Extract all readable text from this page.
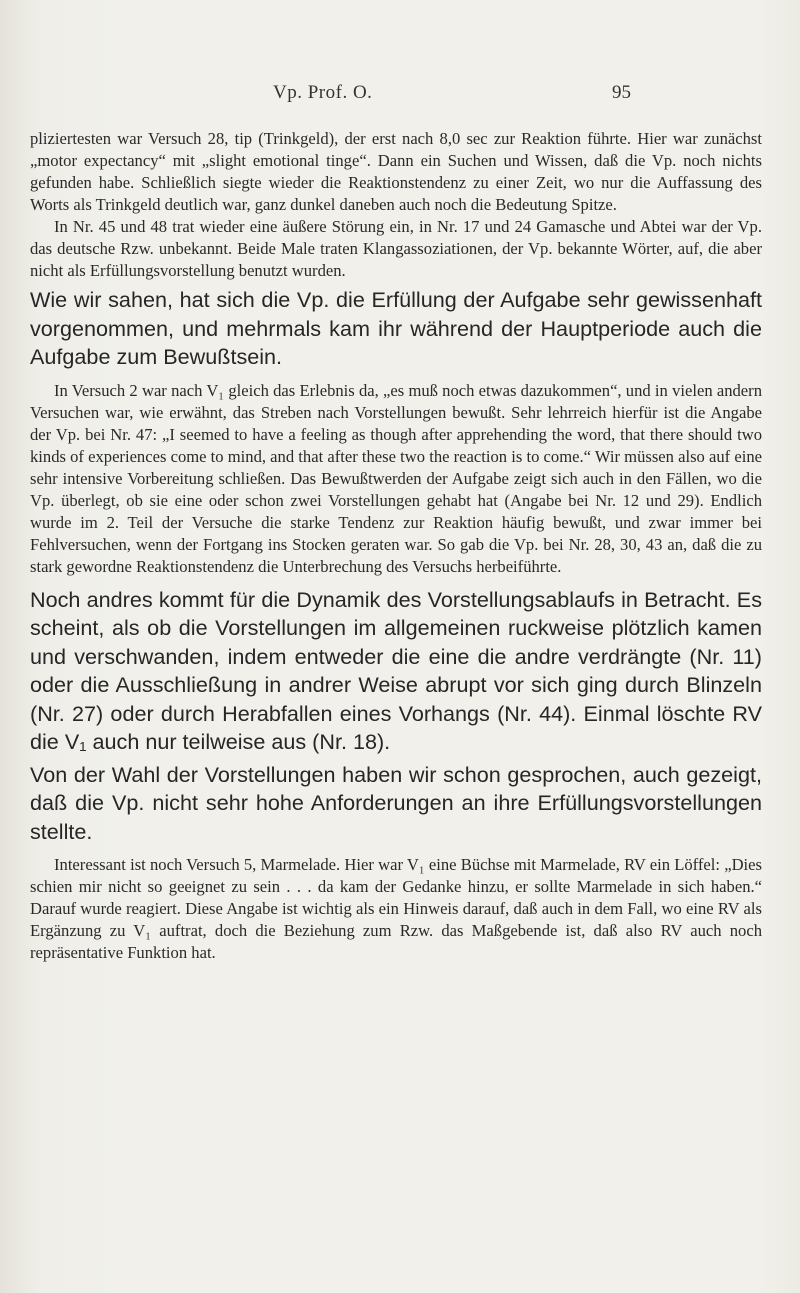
Vp. Prof. O.	95

pliziertesten war Versuch 28, tip (Trinkgeld), der erst nach 8,0 sec zur Reaktion führte. Hier war zunächst „motor expectancy“ mit „slight emotional tinge“. Dann ein Suchen und Wissen, daß die Vp. noch nichts gefunden habe. Schließlich siegte wieder die Reaktionstendenz zu einer Zeit, wo nur die Auffassung des Worts als Trinkgeld deutlich war, ganz dunkel daneben auch noch die Bedeutung Spitze.

In Nr. 45 und 48 trat wieder eine äußere Störung ein, in Nr. 17 und 24 Gamasche und Abtei war der Vp. das deutsche Rzw. unbekannt. Beide Male traten Klangassoziationen, der Vp. bekannte Wörter, auf, die aber nicht als Erfüllungsvorstellung benutzt wurden.

Wie wir sahen, hat sich die Vp. die Erfüllung der Aufgabe sehr gewissenhaft vorgenommen, und mehrmals kam ihr während der Hauptperiode auch die Aufgabe zum Bewußtsein.

In Versuch 2 war nach V₁ gleich das Erlebnis da, „es muß noch etwas dazukommen“, und in vielen andern Versuchen war, wie erwähnt, das Streben nach Vorstellungen bewußt. Sehr lehrreich hierfür ist die Angabe der Vp. bei Nr. 47: „I seemed to have a feeling as though after apprehending the word, that there should two kinds of experiences come to mind, and that after these two the reaction is to come.“ Wir müssen also auf eine sehr intensive Vorbereitung schließen. Das Bewußtwerden der Aufgabe zeigt sich auch in den Fällen, wo die Vp. überlegt, ob sie eine oder schon zwei Vorstellungen gehabt hat (Angabe bei Nr. 12 und 29). Endlich wurde im 2. Teil der Versuche die starke Tendenz zur Reaktion häufig bewußt, und zwar immer bei Fehlversuchen, wenn der Fortgang ins Stocken geraten war. So gab die Vp. bei Nr. 28, 30, 43 an, daß die zu stark gewordne Reaktionstendenz die Unterbrechung des Versuchs herbeiführte.

Noch andres kommt für die Dynamik des Vorstellungsablaufs in Betracht. Es scheint, als ob die Vorstellungen im allgemeinen ruckweise plötzlich kamen und verschwanden, indem entweder die eine die andre verdrängte (Nr. 11) oder die Ausschließung in andrer Weise abrupt vor sich ging durch Blinzeln (Nr. 27) oder durch Herabfallen eines Vorhangs (Nr. 44). Einmal löschte RV die V₁ auch nur teilweise aus (Nr. 18).

Von der Wahl der Vorstellungen haben wir schon gesprochen, auch gezeigt, daß die Vp. nicht sehr hohe Anforderungen an ihre Erfüllungsvorstellungen stellte.

Interessant ist noch Versuch 5, Marmelade. Hier war V₁ eine Büchse mit Marmelade, RV ein Löffel: „Dies schien mir nicht so geeignet zu sein . . . da kam der Gedanke hinzu, er sollte Marmelade in sich haben.“ Darauf wurde reagiert. Diese Angabe ist wichtig als ein Hinweis darauf, daß auch in dem Fall, wo eine RV als Ergänzung zu V₁ auftrat, doch die Beziehung zum Rzw. das Maßgebende ist, daß also RV auch noch repräsentative Funktion hat.
